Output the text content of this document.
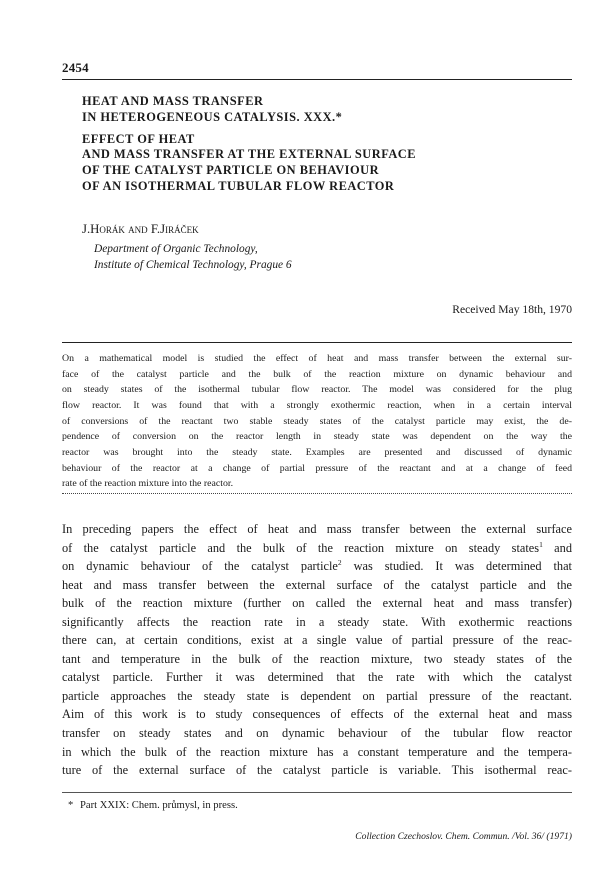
2454
HEAT AND MASS TRANSFER
IN HETEROGENEOUS CATALYSIS. XXX.*
EFFECT OF HEAT
AND MASS TRANSFER AT THE EXTERNAL SURFACE
OF THE CATALYST PARTICLE ON BEHAVIOUR
OF AN ISOTHERMAL TUBULAR FLOW REACTOR
J.Horák and F.Jiráček
Department of Organic Technology,
Institute of Chemical Technology, Prague 6
Received May 18th, 1970
On a mathematical model is studied the effect of heat and mass transfer between the external sur-
face of the catalyst particle and the bulk of the reaction mixture on dynamic behaviour and
on steady states of the isothermal tubular flow reactor. The model was considered for the plug
flow reactor. It was found that with a strongly exothermic reaction, when in a certain interval
of conversions of the reactant two stable steady states of the catalyst particle may exist, the de-
pendence of conversion on the reactor length in steady state was dependent on the way the
reactor was brought into the steady state. Examples are presented and discussed of dynamic
behaviour of the reactor at a change of partial pressure of the reactant and at a change of feed
rate of the reaction mixture into the reactor.
In preceding papers the effect of heat and mass transfer between the external surface
of the catalyst particle and the bulk of the reaction mixture on steady states$^1$ and
on dynamic behaviour of the catalyst particle$^2$ was studied. It was determined that
heat and mass transfer between the external surface of the catalyst particle and the
bulk of the reaction mixture (further on called the external heat and mass transfer)
significantly affects the reaction rate in a steady state. With exothermic reactions
there can, at certain conditions, exist at a single value of partial pressure of the reac-
tant and temperature in the bulk of the reaction mixture, two steady states of the
catalyst particle. Further it was determined that the rate with which the catalyst
particle approaches the steady state is dependent on partial pressure of the reactant.
Aim of this work is to study consequences of effects of the external heat and mass
transfer on steady states and on dynamic behaviour of the tubular flow reactor
in which the bulk of the reaction mixture has a constant temperature and the tempera-
ture of the external surface of the catalyst particle is variable. This isothermal reac-
* Part XXIX: Chem. průmysl, in press.
Collection Czechoslov. Chem. Commun. /Vol. 36/ (1971)
